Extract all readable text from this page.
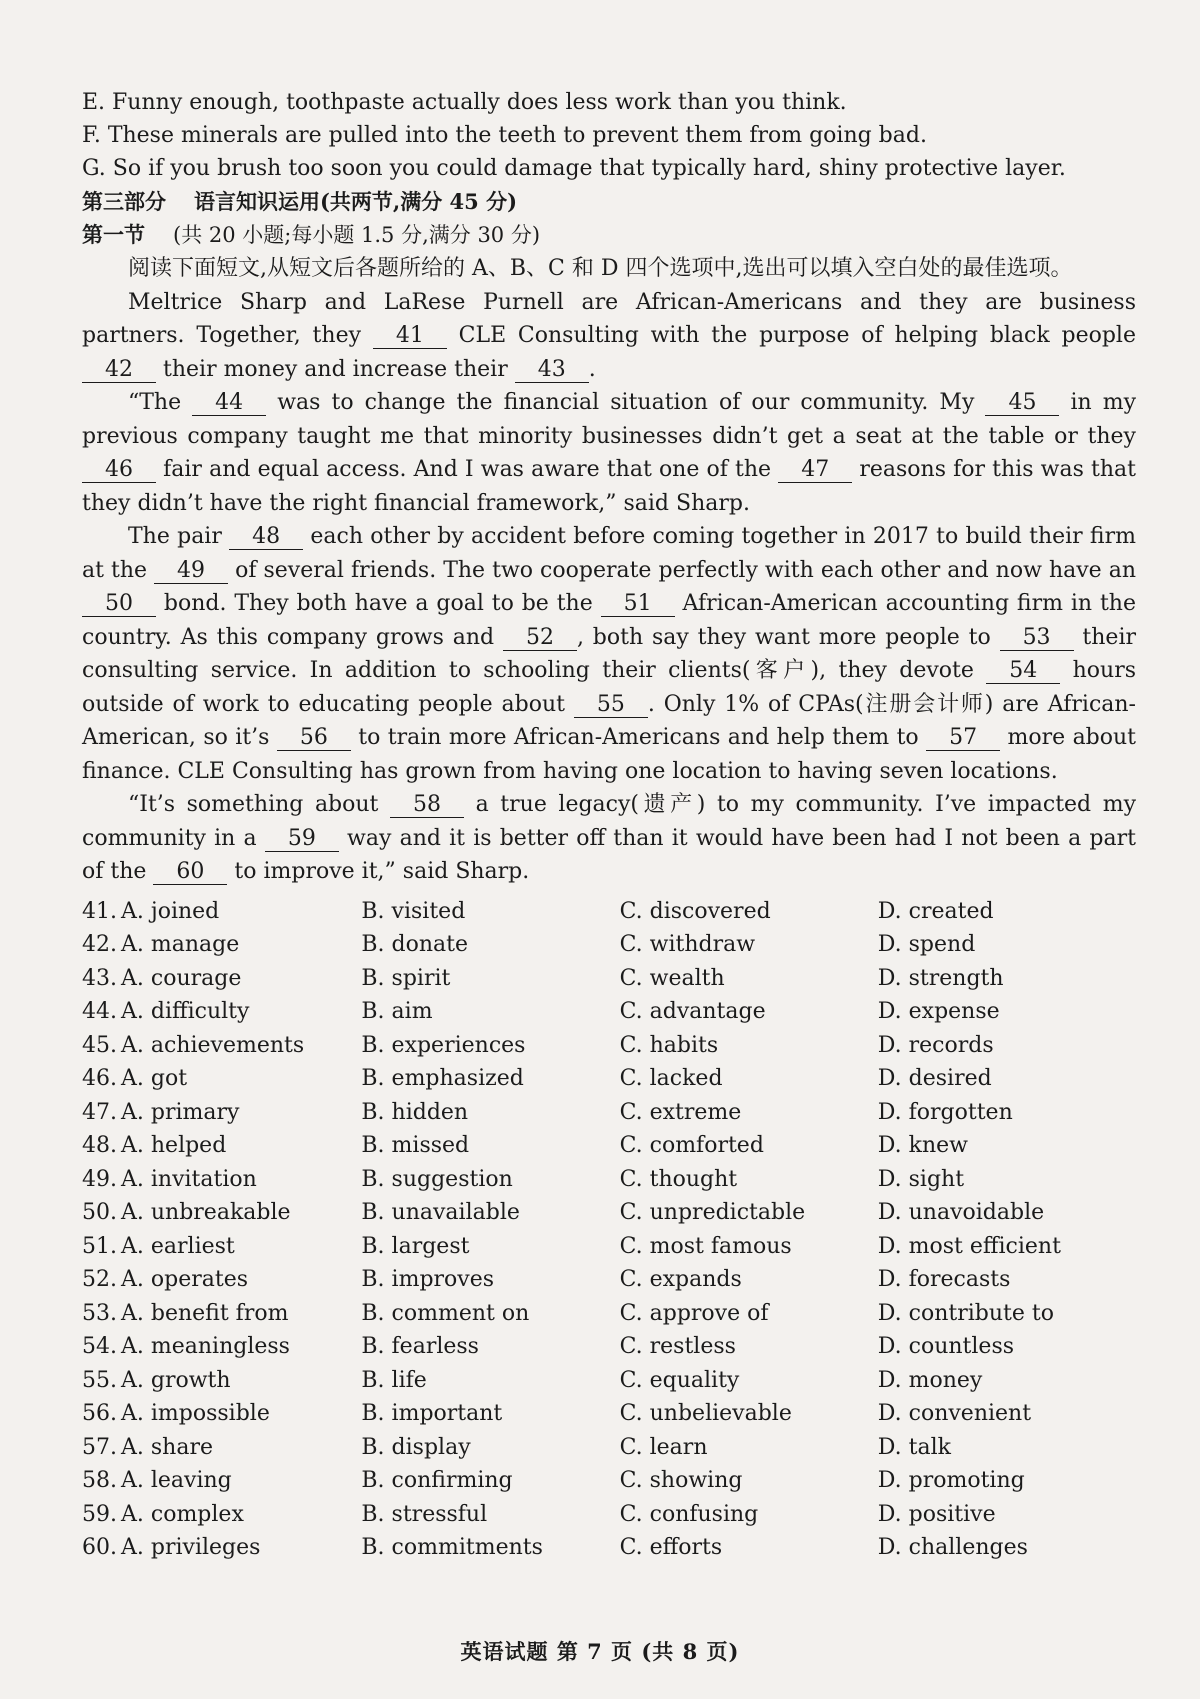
E. Funny enough, toothpaste actually does less work than you think.

F. These minerals are pulled into the teeth to prevent them from going bad.

G. So if you brush too soon you could damage that typically hard, shiny protective layer.

第三部分 语言知识运用(共两节,满分 45 分)

第一节 (共 20 小题;每小题 1.5 分,满分 30 分)

阅读下面短文,从短文后各题所给的 A、B、C 和 D 四个选项中,选出可以填入空白处的最佳选项。

Meltrice Sharp and LaRese Purnell are African-Americans and they are business partners. Together, they 41 CLE Consulting with the purpose of helping black people 42 their money and increase their 43 .

“The 44 was to change the financial situation of our community. My 45 in my previous company taught me that minority businesses didn’t get a seat at the table or they 46 fair and equal access. And I was aware that one of the 47 reasons for this was that they didn’t have the right financial framework,” said Sharp.

The pair 48 each other by accident before coming together in 2017 to build their firm at the 49 of several friends. The two cooperate perfectly with each other and now have an 50 bond. They both have a goal to be the 51 African-American accounting firm in the country. As this company grows and 52 , both say they want more people to 53 their consulting service. In addition to schooling their clients(客户), they devote 54 hours outside of work to educating people about 55 . Only 1% of CPAs(注册会计师) are African-American, so it’s 56 to train more African-Americans and help them to 57 more about finance. CLE Consulting has grown from having one location to having seven locations.

“It’s something about 58 a true legacy(遗产) to my community. I’ve impacted my community in a 59 way and it is better off than it would have been had I not been a part of the 60 to improve it,” said Sharp.

41. A. joined	B. visited	C. discovered	D. created
42. A. manage	B. donate	C. withdraw	D. spend
43. A. courage	B. spirit	C. wealth	D. strength
44. A. difficulty	B. aim	C. advantage	D. expense
45. A. achievements	B. experiences	C. habits	D. records
46. A. got	B. emphasized	C. lacked	D. desired
47. A. primary	B. hidden	C. extreme	D. forgotten
48. A. helped	B. missed	C. comforted	D. knew
49. A. invitation	B. suggestion	C. thought	D. sight
50. A. unbreakable	B. unavailable	C. unpredictable	D. unavoidable
51. A. earliest	B. largest	C. most famous	D. most efficient
52. A. operates	B. improves	C. expands	D. forecasts
53. A. benefit from	B. comment on	C. approve of	D. contribute to
54. A. meaningless	B. fearless	C. restless	D. countless
55. A. growth	B. life	C. equality	D. money
56. A. impossible	B. important	C. unbelievable	D. convenient
57. A. share	B. display	C. learn	D. talk
58. A. leaving	B. confirming	C. showing	D. promoting
59. A. complex	B. stressful	C. confusing	D. positive
60. A. privileges	B. commitments	C. efforts	D. challenges
英语试题 第 7 页 (共 8 页)
